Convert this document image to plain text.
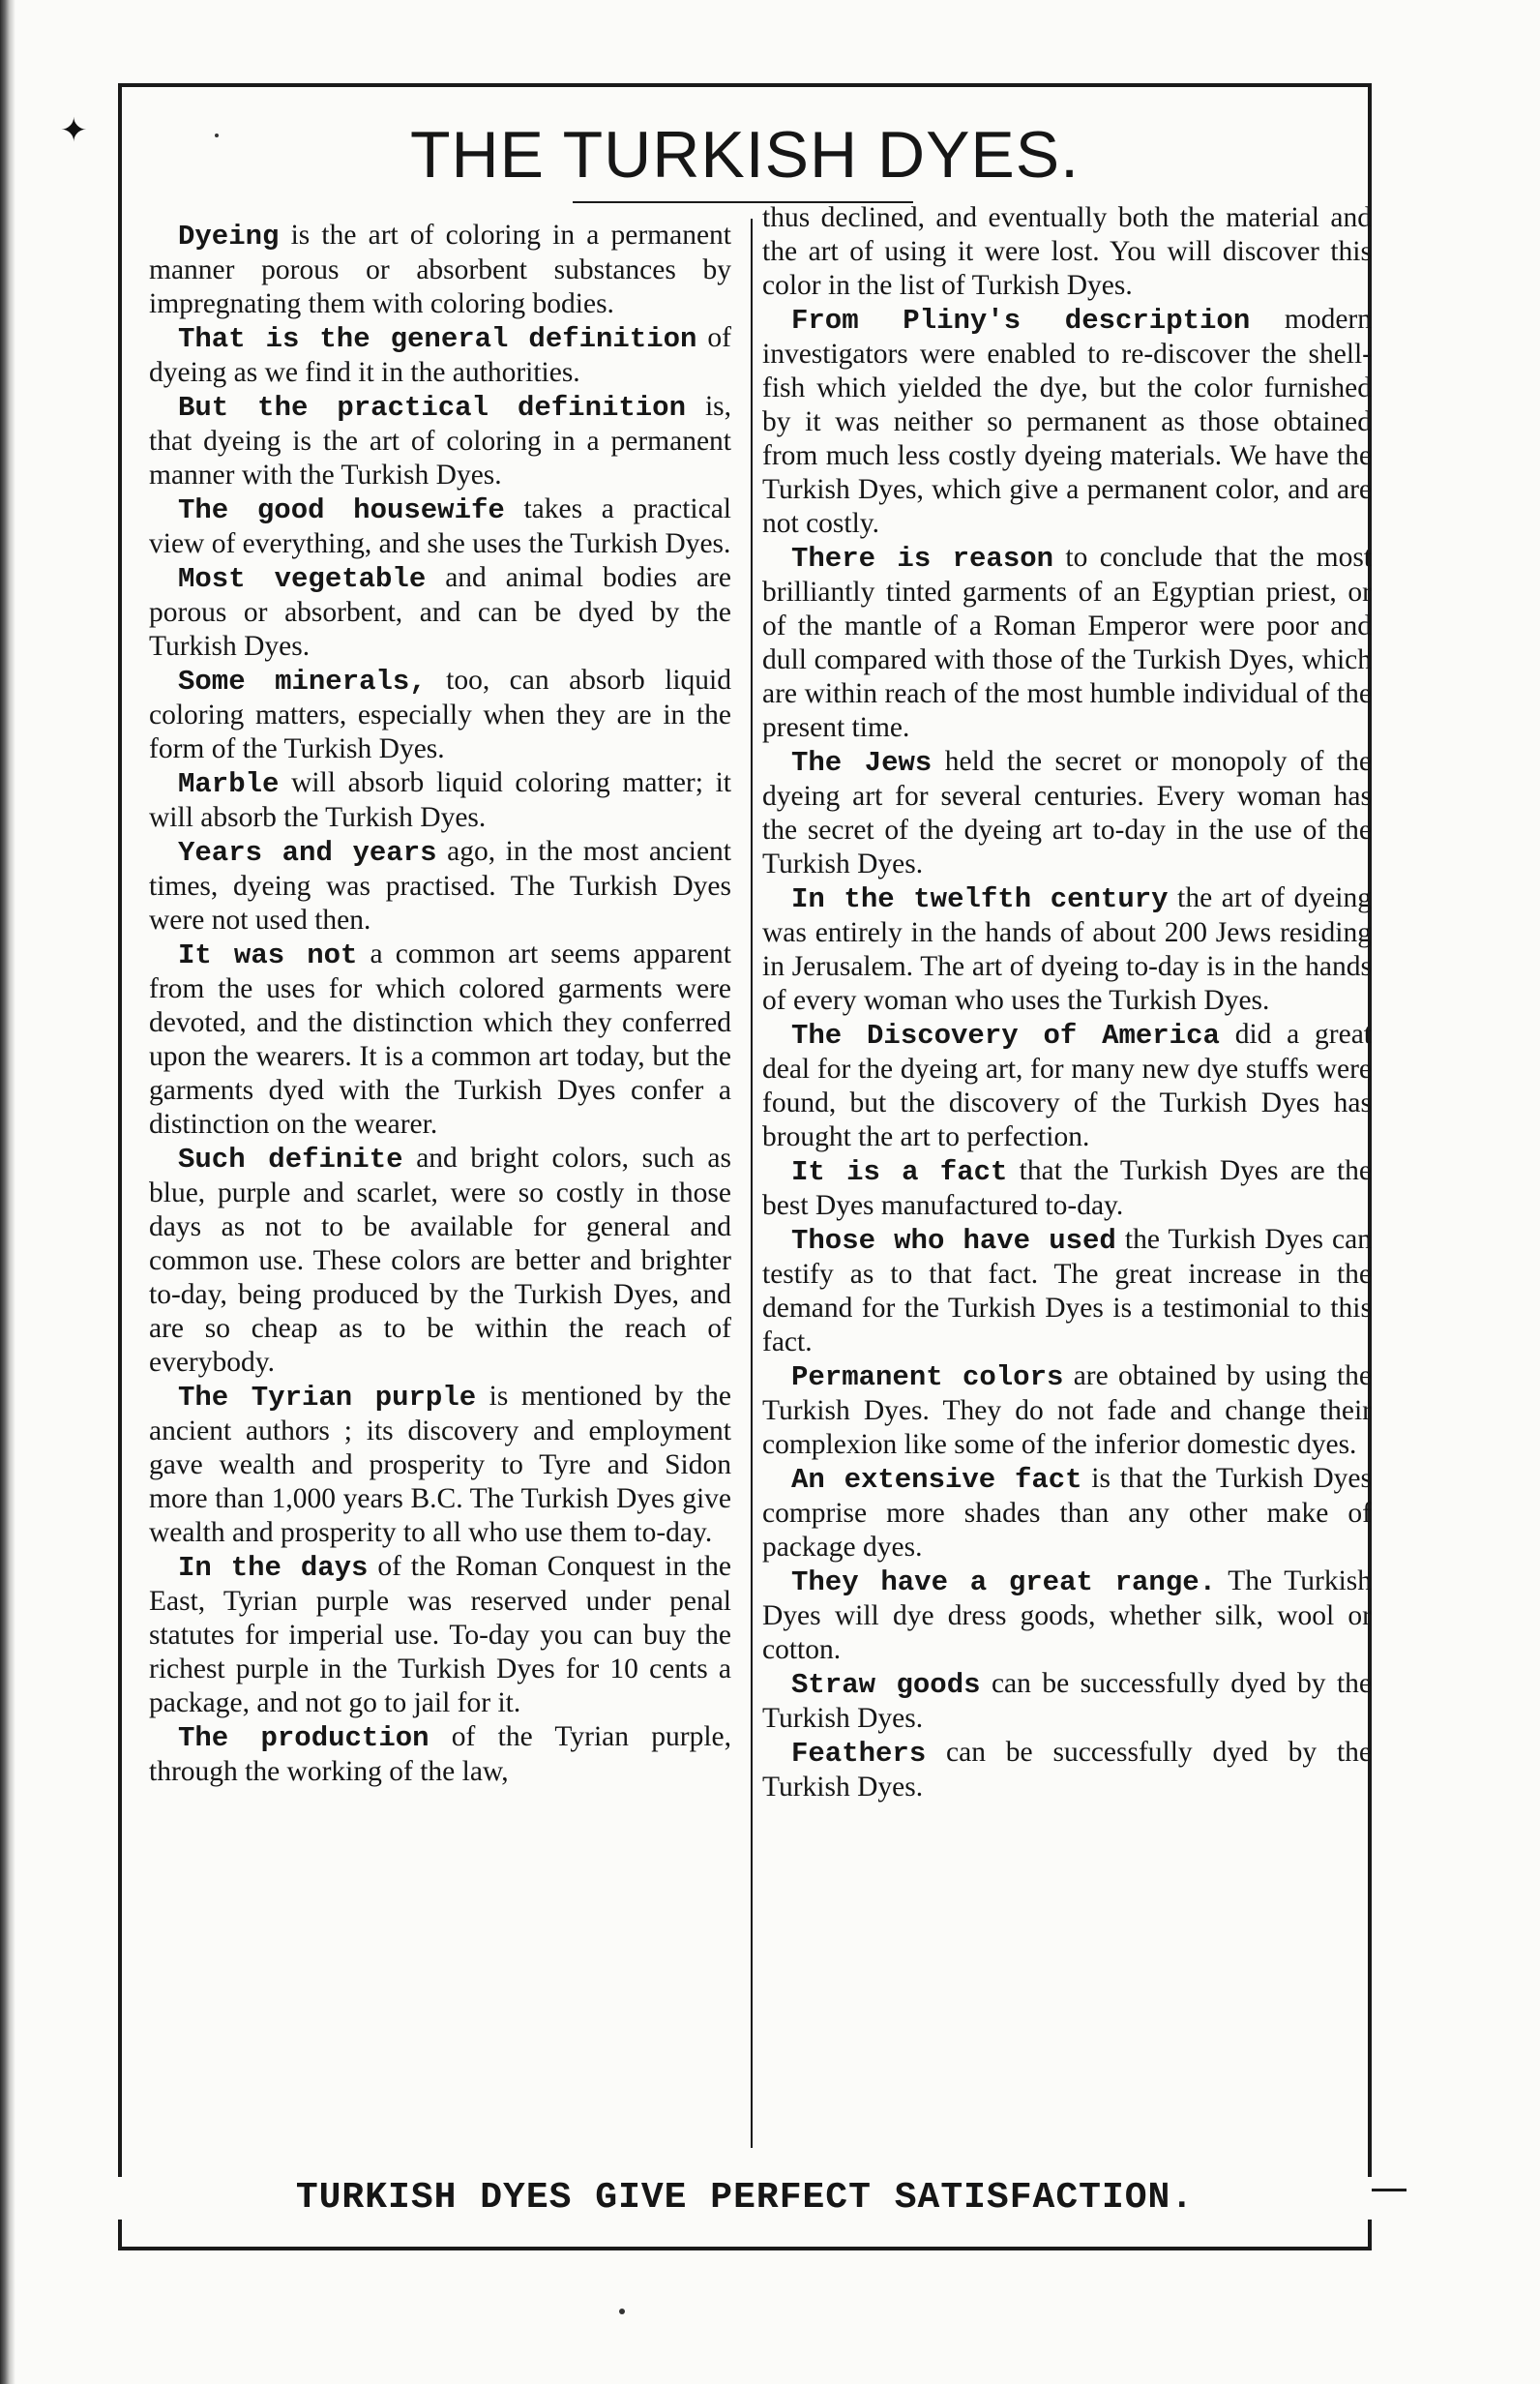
✦	THE TURKISH DYES.

Dyeing is the art of coloring in a permanent manner porous or absorbent substances by impregnating them with coloring bodies.

That is the general definition of dyeing as we find it in the authorities.

But the practical definition is, that dyeing is the art of coloring in a permanent manner with the Turkish Dyes.

The good housewife takes a practical view of everything, and she uses the Turkish Dyes.

Most vegetable and animal bodies are porous or absorbent, and can be dyed by the Turkish Dyes.

Some minerals, too, can absorb liquid coloring matters, especially when they are in the form of the Turkish Dyes.

Marble will absorb liquid coloring matter; it will absorb the Turkish Dyes.

Years and years ago, in the most ancient times, dyeing was practised. The Turkish Dyes were not used then.

It was not a common art seems apparent from the uses for which colored garments were devoted, and the distinction which they conferred upon the wearers. It is a common art today, but the garments dyed with the Turkish Dyes confer a distinction on the wearer.

Such definite and bright colors, such as blue, purple and scarlet, were so costly in those days as not to be available for general and common use. These colors are better and brighter to-day, being produced by the Turkish Dyes, and are so cheap as to be within the reach of everybody.

The Tyrian purple is mentioned by the ancient authors ; its discovery and employment gave wealth and prosperity to Tyre and Sidon more than 1,000 years B.C. The Turkish Dyes give wealth and prosperity to all who use them to-day.

In the days of the Roman Conquest in the East, Tyrian purple was reserved under penal statutes for imperial use. To-day you can buy the richest purple in the Turkish Dyes for 10 cents a package, and not go to jail for it.

The production of the Tyrian purple, through the working of the law,

thus declined, and eventually both the material and the art of using it were lost. You will discover this color in the list of Turkish Dyes.

From Pliny's description modern investigators were enabled to re-discover the shell-fish which yielded the dye, but the color furnished by it was neither so permanent as those obtained from much less costly dyeing materials. We have the Turkish Dyes, which give a permanent color, and are not costly.

There is reason to conclude that the most brilliantly tinted garments of an Egyptian priest, or of the mantle of a Roman Emperor were poor and dull compared with those of the Turkish Dyes, which are within reach of the most humble individual of the present time.

The Jews held the secret or monopoly of the dyeing art for several centuries. Every woman has the secret of the dyeing art to-day in the use of the Turkish Dyes.

In the twelfth century the art of dyeing was entirely in the hands of about 200 Jews residing in Jerusalem. The art of dyeing to-day is in the hands of every woman who uses the Turkish Dyes.

The Discovery of America did a great deal for the dyeing art, for many new dye stuffs were found, but the discovery of the Turkish Dyes has brought the art to perfection.

It is a fact that the Turkish Dyes are the best Dyes manufactured to-day.

Those who have used the Turkish Dyes can testify as to that fact. The great increase in the demand for the Turkish Dyes is a testimonial to this fact.

Permanent colors are obtained by using the Turkish Dyes. They do not fade and change their complexion like some of the inferior domestic dyes.

An extensive fact is that the Turkish Dyes comprise more shades than any other make of package dyes.

They have a great range. The Turkish Dyes will dye dress goods, whether silk, wool or cotton.

Straw goods can be successfully dyed by the Turkish Dyes.

Feathers can be successfully dyed by the Turkish Dyes.

TURKISH DYES GIVE PERFECT SATISFACTION.
